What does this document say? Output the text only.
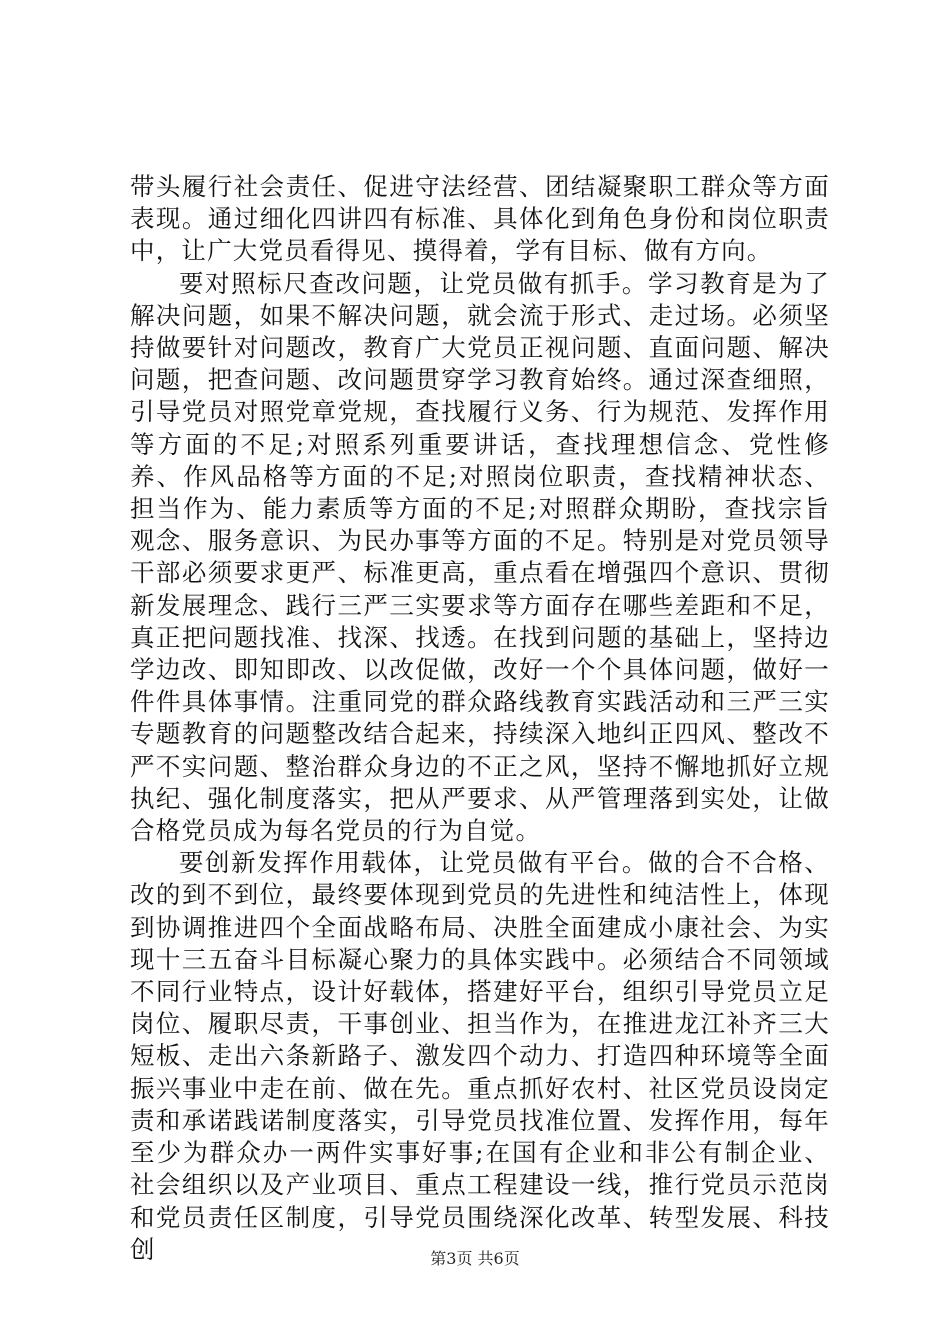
带头履行社会责任、促进守法经营、团结凝聚职工群众等方面表现。通过细化四讲四有标准、具体化到角色身份和岗位职责中，让广大党员看得见、摸得着，学有目标、做有方向。

要对照标尺查改问题，让党员做有抓手。学习教育是为了解决问题，如果不解决问题，就会流于形式、走过场。必须坚持做要针对问题改，教育广大党员正视问题、直面问题、解决问题，把查问题、改问题贯穿学习教育始终。通过深查细照，引导党员对照党章党规，查找履行义务、行为规范、发挥作用等方面的不足;对照系列重要讲话，查找理想信念、党性修养、作风品格等方面的不足;对照岗位职责，查找精神状态、担当作为、能力素质等方面的不足;对照群众期盼，查找宗旨观念、服务意识、为民办事等方面的不足。特别是对党员领导干部必须要求更严、标准更高，重点看在增强四个意识、贯彻新发展理念、践行三严三实要求等方面存在哪些差距和不足，真正把问题找准、找深、找透。在找到问题的基础上，坚持边学边改、即知即改、以改促做，改好一个个具体问题，做好一件件具体事情。注重同党的群众路线教育实践活动和三严三实专题教育的问题整改结合起来，持续深入地纠正四风、整改不严不实问题、整治群众身边的不正之风，坚持不懈地抓好立规执纪、强化制度落实，把从严要求、从严管理落到实处，让做合格党员成为每名党员的行为自觉。

要创新发挥作用载体，让党员做有平台。做的合不合格、改的到不到位，最终要体现到党员的先进性和纯洁性上，体现到协调推进四个全面战略布局、决胜全面建成小康社会、为实现十三五奋斗目标凝心聚力的具体实践中。必须结合不同领域不同行业特点，设计好载体，搭建好平台，组织引导党员立足岗位、履职尽责，干事创业、担当作为，在推进龙江补齐三大短板、走出六条新路子、激发四个动力、打造四种环境等全面振兴事业中走在前、做在先。重点抓好农村、社区党员设岗定责和承诺践诺制度落实，引导党员找准位置、发挥作用，每年至少为群众办一两件实事好事;在国有企业和非公有制企业、社会组织以及产业项目、重点工程建设一线，推行党员示范岗和党员责任区制度，引导党员围绕深化改革、转型发展、科技创	第3页 共6页
